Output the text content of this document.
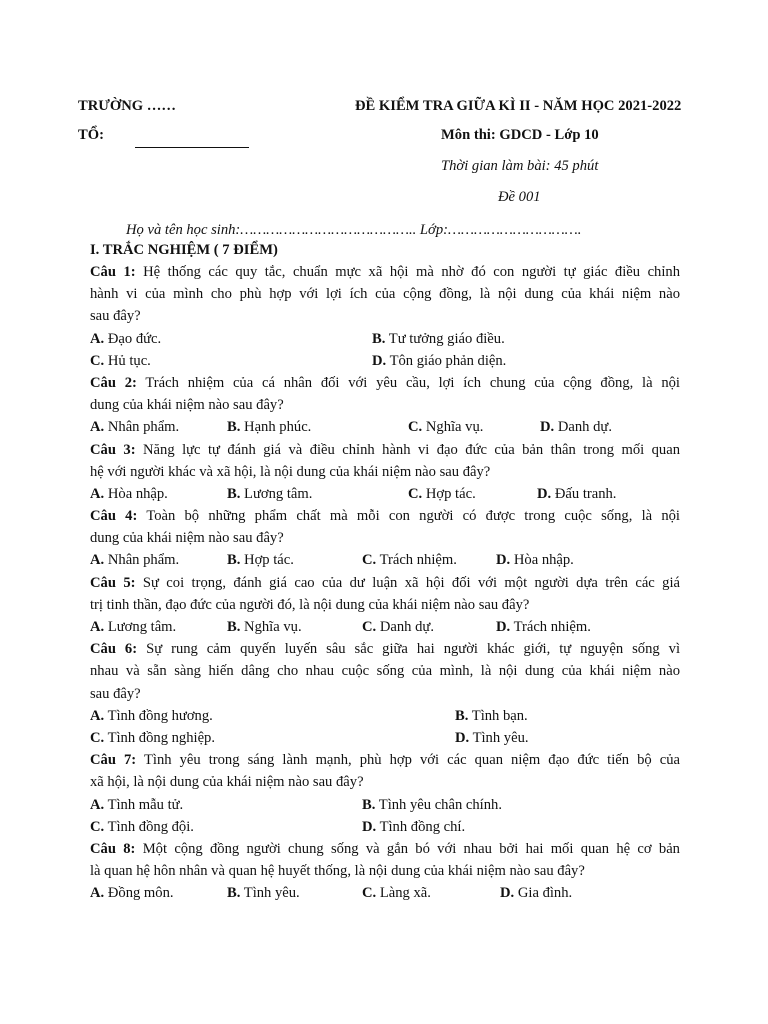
TRƯỜNG ……
TỔ:
ĐỀ KIỂM TRA GIỮA KÌ II - NĂM HỌC 2021-2022
Môn thi: GDCD - Lớp 10
Thời gian làm bài: 45 phút
Đề 001
Họ và tên học sinh:………………………………….. Lớp:………………………….
I. TRẮC NGHIỆM ( 7 ĐIỂM)
Câu 1: Hệ thống các quy tắc, chuẩn mực xã hội mà nhờ đó con người tự giác điều chỉnh
hành vi của mình cho phù hợp với lợi ích của cộng đồng, là nội dung của khái niệm nào
sau đây?
A. Đạo đức.	B. Tư tưởng giáo điều.
C. Hủ tục.	D. Tôn giáo phản diện.
Câu 2: Trách nhiệm của cá nhân đối với yêu cầu, lợi ích chung của cộng đồng, là nội
dung của khái niệm nào sau đây?
A. Nhân phẩm.	B. Hạnh phúc.	C. Nghĩa vụ.	D. Danh dự.
Câu 3: Năng lực tự đánh giá và điều chỉnh hành vi đạo đức của bản thân trong mối quan
hệ với người khác và xã hội, là nội dung của khái niệm nào sau đây?
A. Hòa nhập.	B. Lương tâm.	C. Hợp tác.	D. Đấu tranh.
Câu 4: Toàn bộ những phẩm chất mà mỗi con người có được trong cuộc sống, là nội
dung của khái niệm nào sau đây?
A. Nhân phẩm.	B. Hợp tác.	C. Trách nhiệm.	D. Hòa nhập.
Câu 5: Sự coi trọng, đánh giá cao của dư luận xã hội đối với một người dựa trên các giá
trị tinh thần, đạo đức của người đó, là nội dung của khái niệm nào sau đây?
A. Lương tâm.	B. Nghĩa vụ.	C. Danh dự.	D. Trách nhiệm.
Câu 6: Sự rung cảm quyến luyến sâu sắc giữa hai người khác giới, tự nguyện sống vì
nhau và sẵn sàng hiến dâng cho nhau cuộc sống của mình, là nội dung của khái niệm nào
sau đây?
A. Tình đồng hương.	B. Tình bạn.
C. Tình đồng nghiệp.	D. Tình yêu.
Câu 7: Tình yêu trong sáng lành mạnh, phù hợp với các quan niệm đạo đức tiến bộ của
xã hội, là nội dung của khái niệm nào sau đây?
A. Tình mẫu tử.	B. Tình yêu chân chính.
C. Tình đồng đội.	D. Tình đồng chí.
Câu 8: Một cộng đồng người chung sống và gắn bó với nhau bởi hai mối quan hệ cơ bản
là quan hệ hôn nhân và quan hệ huyết thống, là nội dung của khái niệm nào sau đây?
A. Đồng môn.	B. Tình yêu.	C. Làng xã.	D. Gia đình.
